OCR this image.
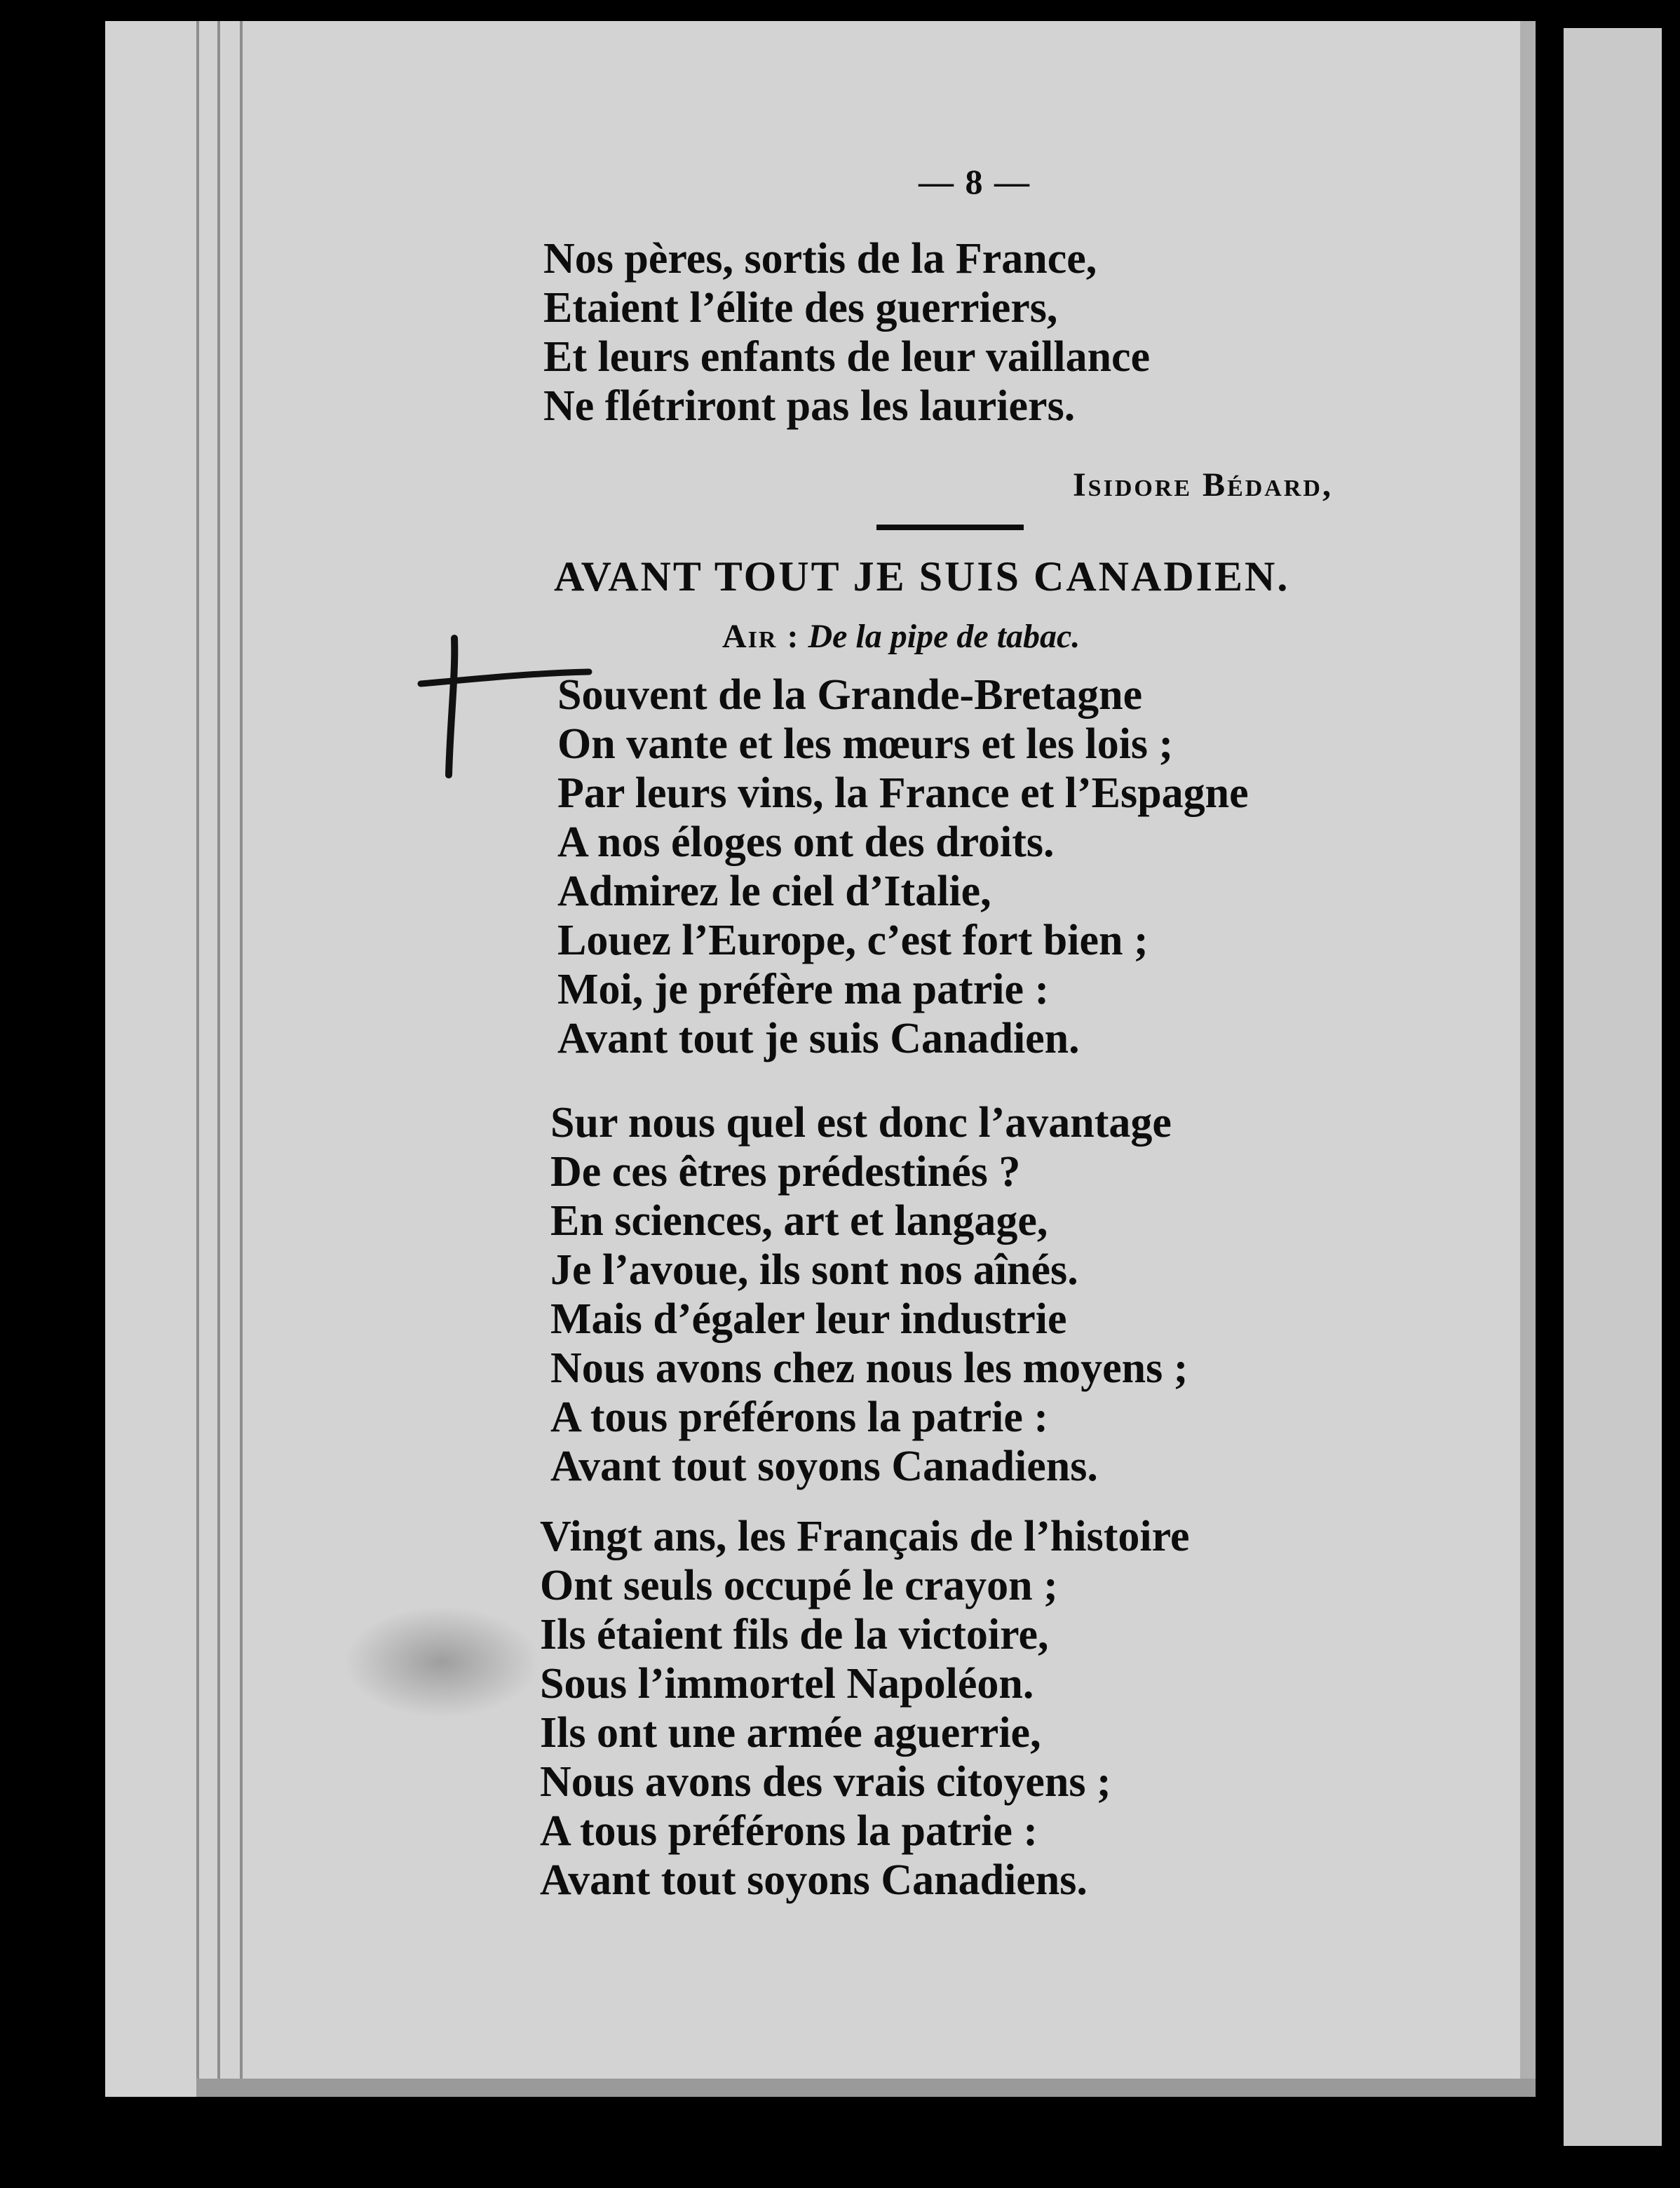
— 8 —
Nos pères, sortis de la France,
Etaient l’élite des guerriers,
Et leurs enfants de leur vaillance
Ne flétriront pas les lauriers.
Isidore Bédard,
AVANT TOUT JE SUIS CANADIEN.
Air : De la pipe de tabac.
Souvent de la Grande-Bretagne
On vante et les mœurs et les lois ;
Par leurs vins, la France et l’Espagne
A nos éloges ont des droits.
Admirez le ciel d’Italie,
Louez l’Europe, c’est fort bien ;
Moi, je préfère ma patrie :
Avant tout je suis Canadien.
Sur nous quel est donc l’avantage
De ces êtres prédestinés ?
En sciences, art et langage,
Je l’avoue, ils sont nos aînés.
Mais d’égaler leur industrie
Nous avons chez nous les moyens ;
A tous préférons la patrie :
Avant tout soyons Canadiens.
Vingt ans, les Français de l’histoire
Ont seuls occupé le crayon ;
Ils étaient fils de la victoire,
Sous l’immortel Napoléon.
Ils ont une armée aguerrie,
Nous avons des vrais citoyens ;
A tous préférons la patrie :
Avant tout soyons Canadiens.
